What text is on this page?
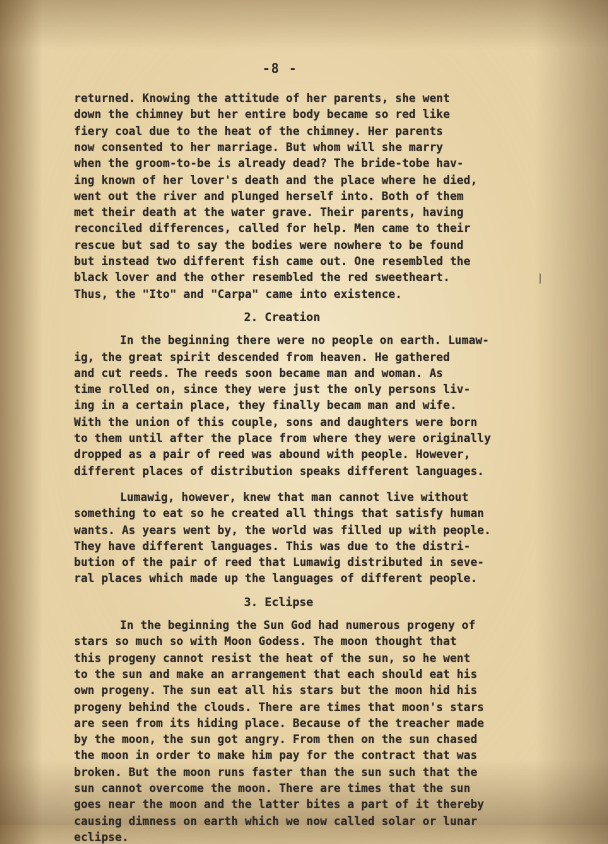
-8 -
returned. Knowing the attitude of her parents, she went
down the chimney but her entire body became so red like
fiery coal due to the heat of the chimney. Her parents
now consented to her marriage. But whom will she marry
when the groom-to-be is already dead? The bride-tobe hav-
ing known of her lover's death and the place where he died,
went out the river and plunged herself into. Both of them
met their death at the water grave. Their parents, having
reconciled differences, called for help. Men came to their
rescue but sad to say the bodies were nowhere to be found
but instead two different fish came out. One resembled the
black lover and the other resembled the red sweetheart.
Thus, the "Ito" and "Carpa" came into existence.
/
2. Creation
In the beginning there were no people on earth. Lumaw-
ig, the great spirit descended from heaven. He gathered
and cut reeds. The reeds soon became man and woman. As
time rolled on, since they were just the only persons liv-
ing in a certain place, they finally becam man and wife.
With the union of this couple, sons and daughters were born
to them until after the place from where they were originally
dropped as a pair of reed was abound with people. However,
different places of distribution speaks different languages.
Lumawig, however, knew that man cannot live without
something to eat so he created all things that satisfy human
wants. As years went by, the world was filled up with people.
They have different languages. This was due to the distri-
bution of the pair of reed that Lumawig distributed in seve-
ral places which made up the languages of different people.
3. Eclipse
In the beginning the Sun God had numerous progeny of
stars so much so with Moon Godess. The moon thought that
this progeny cannot resist the heat of the sun, so he went
to the sun and make an arrangement that each should eat his
own progeny. The sun eat all his stars but the moon hid his
progeny behind the clouds. There are times that moon's stars
are seen from its hiding place. Because of the treacher made
by the moon, the sun got angry. From then on the sun chased
the moon in order to make him pay for the contract that was
broken. But the moon runs faster than the sun such that the
sun cannot overcome the moon. There are times that the sun
goes near the moon and the latter bites a part of it thereby
causing dimness on earth which we now called solar or lunar
eclipse.
